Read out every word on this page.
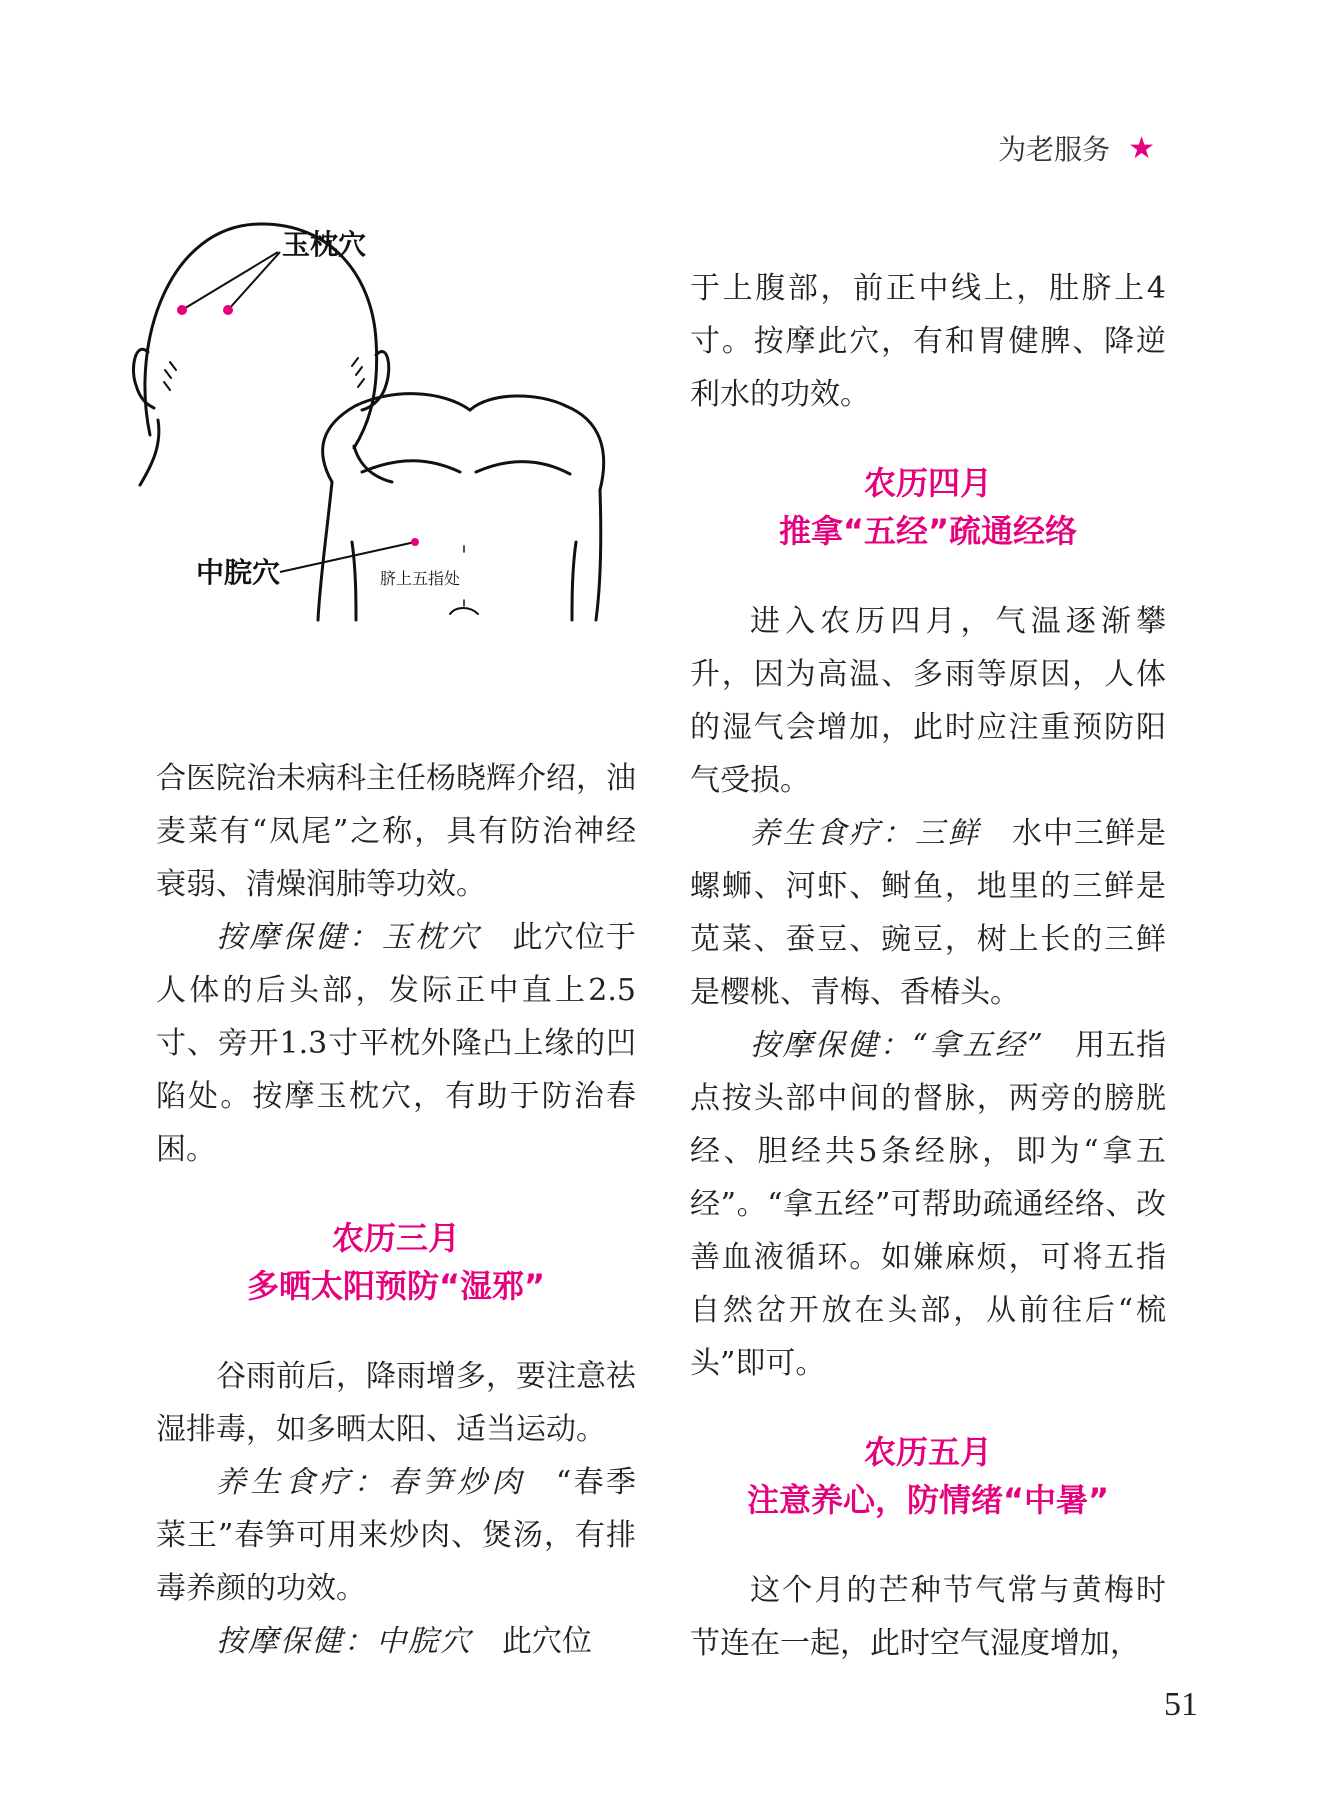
为老服务 ★
玉枕穴
中脘穴	脐上五指处

合医院治未病科主任杨晓辉介绍，油麦菜有“凤尾”之称，具有防治神经衰弱、清燥润肺等功效。

按摩保健：玉枕穴  此穴位于人体的后头部，发际正中直上2.5寸、旁开1.3寸平枕外隆凸上缘的凹陷处。按摩玉枕穴，有助于防治春困。

农历三月
多晒太阳预防“湿邪”

谷雨前后，降雨增多，要注意祛湿排毒，如多晒太阳、适当运动。

养生食疗：春笋炒肉  “春季菜王”春笋可用来炒肉、煲汤，有排毒养颜的功效。

按摩保健：中脘穴  此穴位

于上腹部，前正中线上，肚脐上4寸。按摩此穴，有和胃健脾、降逆利水的功效。

农历四月
推拿“五经”疏通经络

进入农历四月，气温逐渐攀升，因为高温、多雨等原因，人体的湿气会增加，此时应注重预防阳气受损。

养生食疗：三鲜  水中三鲜是螺蛳、河虾、鲥鱼，地里的三鲜是苋菜、蚕豆、豌豆，树上长的三鲜是樱桃、青梅、香椿头。

按摩保健：“拿五经”  用五指点按头部中间的督脉，两旁的膀胱经、胆经共5条经脉，即为“拿五经”。“拿五经”可帮助疏通经络、改善血液循环。如嫌麻烦，可将五指自然岔开放在头部，从前往后“梳头”即可。

农历五月
注意养心，防情绪“中暑”

这个月的芒种节气常与黄梅时节连在一起，此时空气湿度增加，

51
